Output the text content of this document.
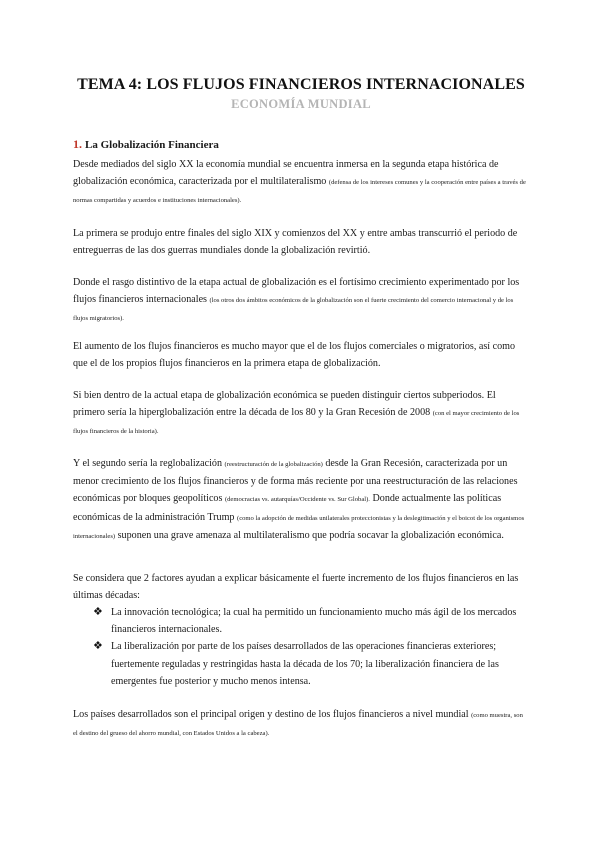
TEMA 4: LOS FLUJOS FINANCIEROS INTERNACIONALES
ECONOMÍA MUNDIAL
1. La Globalización Financiera

Desde mediados del siglo XX la economía mundial se encuentra inmersa en la segunda etapa histórica de globalización económica, caracterizada por el multilateralismo (defensa de los intereses comunes y la cooperación entre países a través de normas compartidas y acuerdos e instituciones internacionales).

La primera se produjo entre finales del siglo XIX y comienzos del XX y entre ambas transcurrió el periodo de entreguerras de las dos guerras mundiales donde la globalización revirtió.

Donde el rasgo distintivo de la etapa actual de globalización es el fortísimo crecimiento experimentado por los flujos financieros internacionales (los otros dos ámbitos económicos de la globalización son el fuerte crecimiento del comercio internacional y de los flujos migratorios).

El aumento de los flujos financieros es mucho mayor que el de los flujos comerciales o migratorios, así como que el de los propios flujos financieros en la primera etapa de globalización.

Si bien dentro de la actual etapa de globalización económica se pueden distinguir ciertos subperiodos. El primero sería la hiperglobalización entre la década de los 80 y la Gran Recesión de 2008 (con el mayor crecimiento de los flujos financieros de la historia).

Y el segundo sería la reglobalización (reestructuración de la globalización) desde la Gran Recesión, caracterizada por un menor crecimiento de los flujos financieros y de forma más reciente por una reestructuración de las relaciones económicas por bloques geopolíticos (democracias vs. autarquías/Occidente vs. Sur Global). Donde actualmente las políticas económicas de la administración Trump (como la adopción de medidas unilaterales proteccionistas y la deslegitimación y el boicot de los organismos internacionales) suponen una grave amenaza al multilateralismo que podría socavar la globalización económica.

Se considera que 2 factores ayudan a explicar básicamente el fuerte incremento de los flujos financieros en las últimas décadas:

❖ La innovación tecnológica; la cual ha permitido un funcionamiento mucho más ágil de los mercados financieros internacionales.
❖ La liberalización por parte de los países desarrollados de las operaciones financieras exteriores; fuertemente reguladas y restringidas hasta la década de los 70; la liberalización financiera de las emergentes fue posterior y mucho menos intensa.

Los países desarrollados son el principal origen y destino de los flujos financieros a nivel mundial (como muestra, son el destino del grueso del ahorro mundial, con Estados Unidos a la cabeza).
